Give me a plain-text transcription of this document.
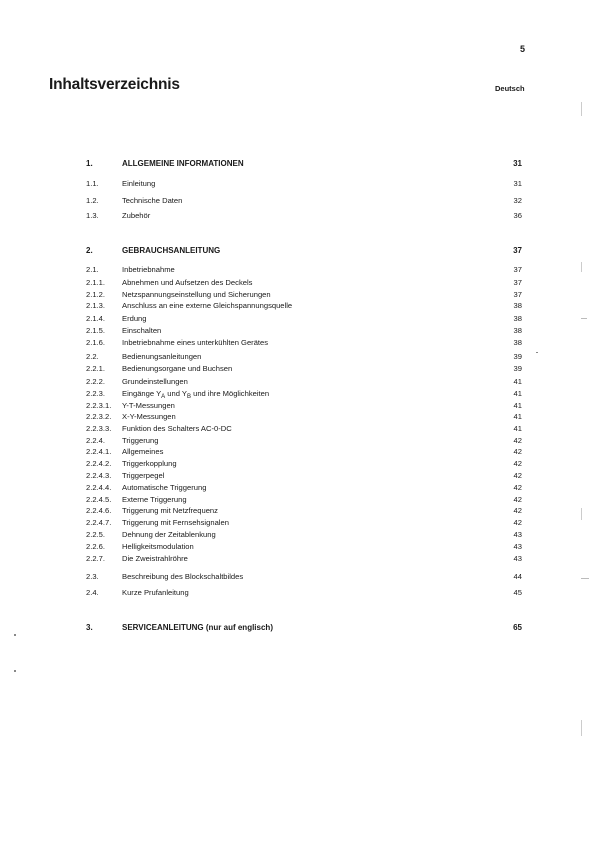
5
Inhaltsverzeichnis	Deutsch
1.	ALLGEMEINE INFORMATIONEN	31
1.1.	Einleitung	31
1.2.	Technische Daten	32
1.3.	Zubehör	36
2.	GEBRAUCHSANLEITUNG	37
2.1.	Inbetriebnahme	37
2.1.1. Abnehmen und Aufsetzen des Deckels	37
2.1.2. Netzspannungseinstellung und Sicherungen	37
2.1.3. Anschluss an eine externe Gleichspannungsquelle	38
2.1.4. Erdung	38
2.1.5. Einschalten	38
2.1.6. Inbetriebnahme eines unterkühlten Gerätes	38
2.2.	Bedienungsanleitungen	39
2.2.1. Bedienungsorgane und Buchsen	39
2.2.2. Grundeinstellungen	41
2.2.3. Eingänge YA und YB und ihre Möglichkeiten	41
2.2.3.1. Y-T-Messungen	41
2.2.3.2. X-Y-Messungen	41
2.2.3.3. Funktion des Schalters AC-0-DC	41
2.2.4. Triggerung	42
2.2.4.1. Allgemeines	42
2.2.4.2. Triggerkopplung	42
2.2.4.3. Triggerpegel	42
2.2.4.4. Automatische Triggerung	42
2.2.4.5. Externe Triggerung	42
2.2.4.6. Triggerung mit Netzfrequenz	42
2.2.4.7. Triggerung mit Fernsehsignalen	42
2.2.5. Dehnung der Zeitablenkung	43
2.2.6. Helligkeitsmodulation	43
2.2.7. Die Zweistrahlröhre	43
2.3.	Beschreibung des Blockschaltbildes	44
2.4.	Kurze Prufanleitung	45
3.	SERVICEANLEITUNG (nur auf englisch)	65
